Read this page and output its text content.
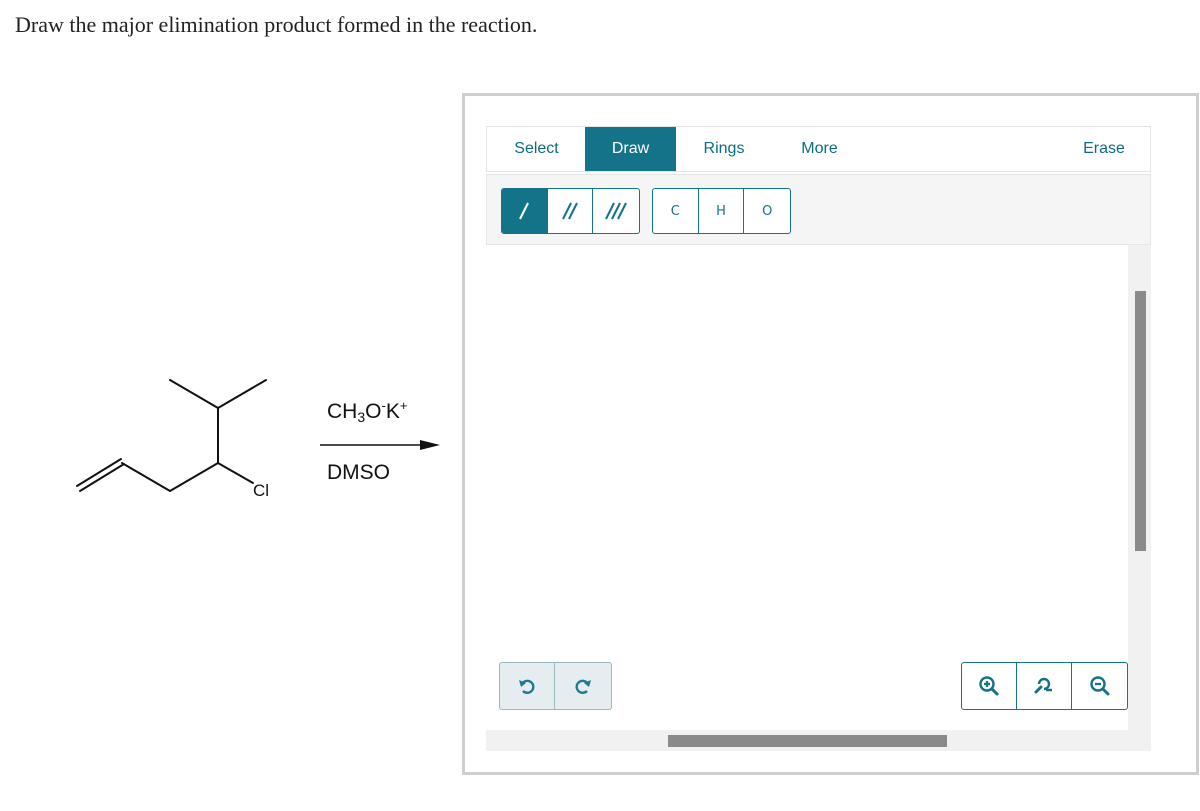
Draw the major elimination product formed in the reaction.
Cl
$CH_3O^-K^+$
DMSO
Select	Draw	Rings	More	Erase
C	H	O
